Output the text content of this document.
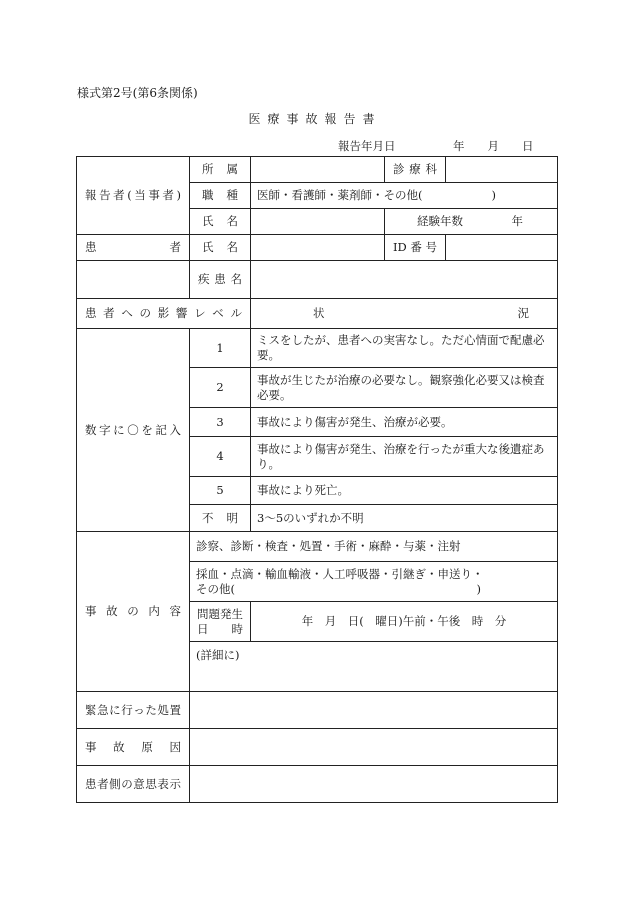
様式第2号(第6条関係)
医療事故報告書
報告年月日　　　　　	年　　 月　　 日
報告者(当事者)	所属		診療科	
	職種	医師・看護師・薬剤師・その他(　　　　　　)		
	氏名		経験年数 年	

患者	氏名		ID番号	
	疾患名			
患者への影響レベル		状況		
数字に〇を記入	1	ミスをしたが、患者への実害なし。ただ心情面で配慮必要。		
	2	事故が生じたが治療の必要なし。観察強化必要又は検査必要。		
	3	事故により傷害が発生、治療が必要。		
	4	事故により傷害が発生、治療を行ったが重大な後遺症あり。		
	5	事故により死亡。		
	不明	3〜5のいずれか不明		
事故の内容	診察、診断・検査・処置・手術・麻酔・与薬・注射			

	採血・点滴・輸血輸液・人工呼吸器・引継ぎ・申送り・
その他(　　　　　　　　　　　　　　　　　　　　　)			

	問題発生
日 時	年　月　日(　曜日)午前・午後　時　分		
	(詳細に)			
緊急に行った処置				
事故原因				
患者側の意思表示				
